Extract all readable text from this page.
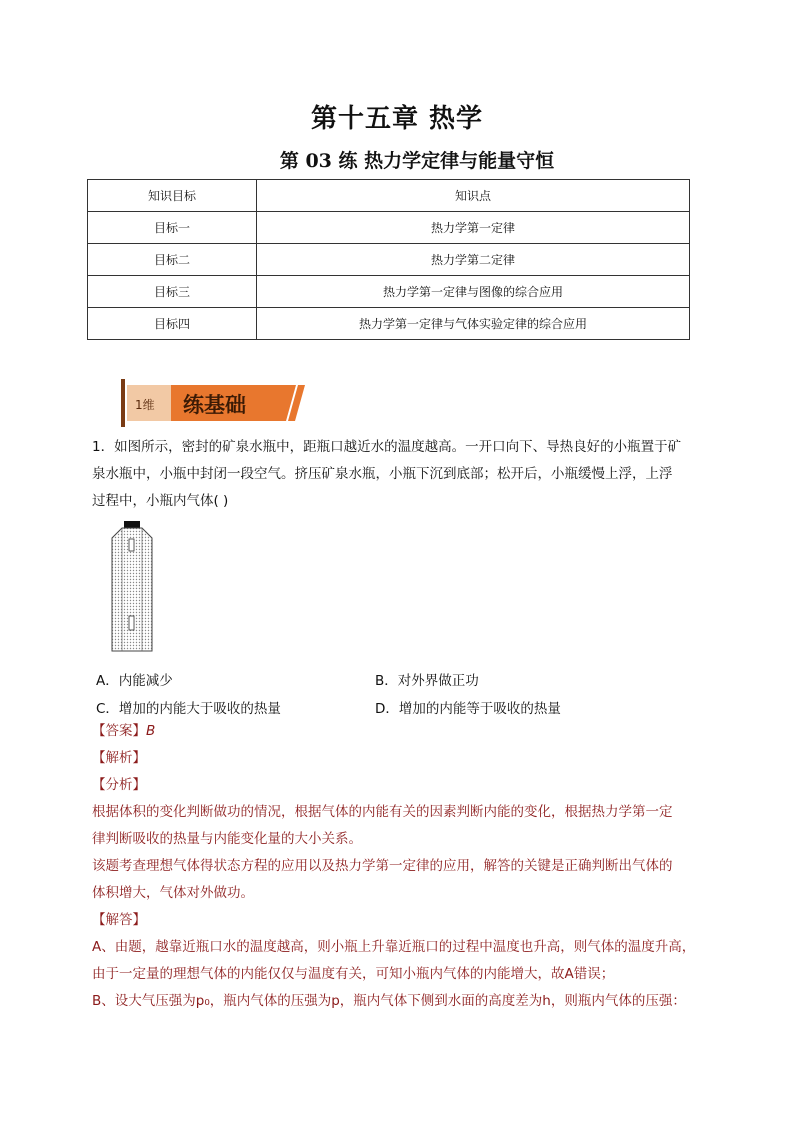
第十五章 热学
第 03 练 热力学定律与能量守恒
知识目标	知识点
目标一	热力学第一定律
目标二	热力学第二定律
目标三	热力学第一定律与图像的综合应用
目标四	热力学第一定律与气体实验定律的综合应用
1维 练基础
1．如图所示，密封的矿泉水瓶中，距瓶口越近水的温度越高。一开口向下、导热良好的小瓶置于矿
泉水瓶中，小瓶中封闭一段空气。挤压矿泉水瓶，小瓶下沉到底部；松开后，小瓶缓慢上浮，上浮
过程中，小瓶内气体( )
A．内能减少	B．对外界做正功
C．增加的内能大于吸收的热量	D．增加的内能等于吸收的热量
【答案】B
【解析】
【分析】
根据体积的变化判断做功的情况，根据气体的内能有关的因素判断内能的变化，根据热力学第一定
律判断吸收的热量与内能变化量的大小关系。
该题考查理想气体得状态方程的应用以及热力学第一定律的应用，解答的关键是正确判断出气体的
体积增大，气体对外做功。
【解答】
A、由题，越靠近瓶口水的温度越高，则小瓶上升靠近瓶口的过程中温度也升高，则气体的温度升高，
由于一定量的理想气体的内能仅仅与温度有关，可知小瓶内气体的内能增大，故A错误；
B、设大气压强为p₀，瓶内气体的压强为p，瓶内气体下侧到水面的高度差为h，则瓶内气体的压强：
